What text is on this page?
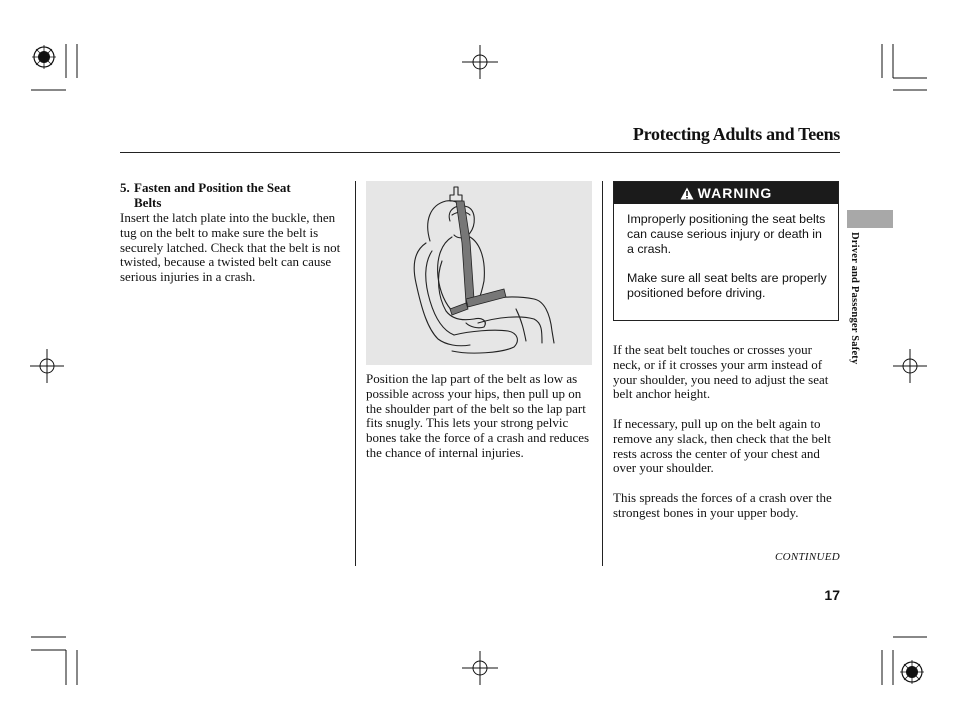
Protecting Adults and Teens
5. Fasten and Position the Seat
Belts

Insert the latch plate into the buckle, then tug on the belt to make sure the belt is securely latched. Check that the belt is not twisted, because a twisted belt can cause serious injuries in a crash.

Position the lap part of the belt as low as possible across your hips, then pull up on the shoulder part of the belt so the lap part fits snugly. This lets your strong pelvic bones take the force of a crash and reduces the chance of internal injuries.

WARNING

Improperly positioning the seat belts can cause serious injury or death in a crash.

Make sure all seat belts are properly positioned before driving.

If the seat belt touches or crosses your neck, or if it crosses your arm instead of your shoulder, you need to adjust the seat belt anchor height.

If necessary, pull up on the belt again to remove any slack, then check that the belt rests across the center of your chest and over your shoulder.

This spreads the forces of a crash over the strongest bones in your upper body.

CONTINUED
17
Driver and Passenger Safety
